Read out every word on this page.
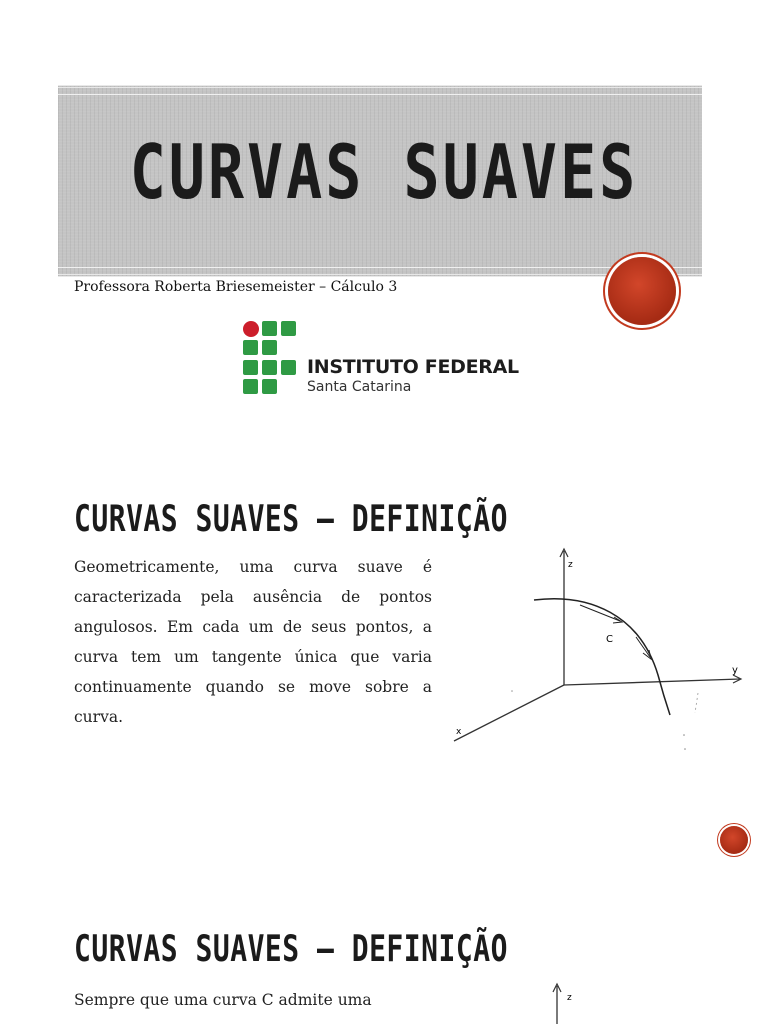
CURVAS SUAVES
Professora Roberta Briesemeister – Cálculo 3
INSTITUTO FEDERAL
Santa Catarina
CURVAS SUAVES – DEFINIÇÃO
Geometricamente, uma curva suave é caracterizada pela ausência de pontos angulosos. Em cada um de seus pontos, a curva tem um tangente única que varia continuamente quando se move sobre a curva.
z
y
x
C
CURVAS SUAVES – DEFINIÇÃO
Sempre que uma curva C admite uma	z
